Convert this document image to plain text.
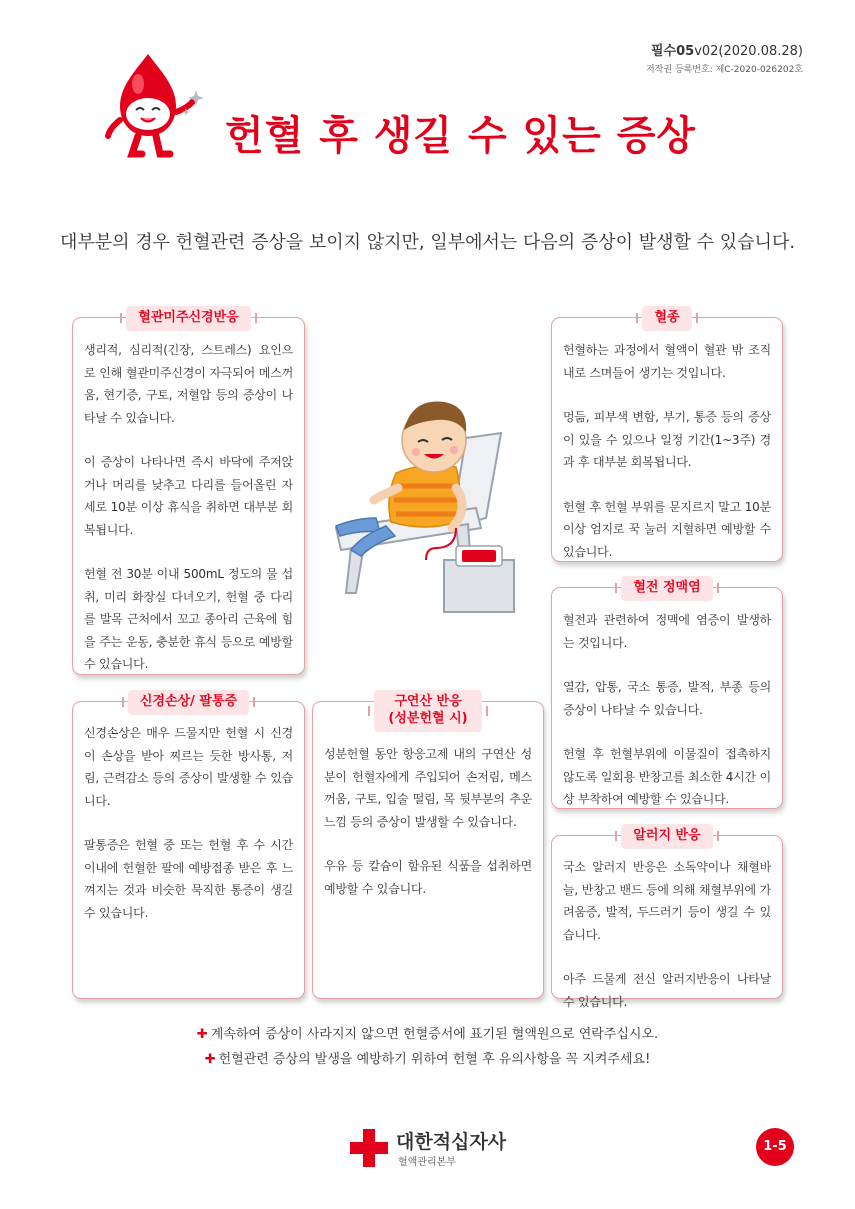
필수05v02(2020.08.28)
저작권 등록번호: 제C-2020-026202호
헌혈 후 생길 수 있는 증상
대부분의 경우 헌혈관련 증상을 보이지 않지만, 일부에서는 다음의 증상이 발생할 수 있습니다.
혈관미주신경반응

생리적, 심리적(긴장, 스트레스) 요인으로 인해 혈관미주신경이 자극되어 메스꺼움, 현기증, 구토, 저혈압 등의 증상이 나타날 수 있습니다.

이 증상이 나타나면 즉시 바닥에 주저앉거나 머리를 낮추고 다리를 들어올린 자세로 10분 이상 휴식을 취하면 대부분 회복됩니다.

헌혈 전 30분 이내 500mL 정도의 물 섭취, 미리 화장실 다녀오기, 헌혈 중 다리를 발목 근처에서 꼬고 종아리 근육에 힘을 주는 운동, 충분한 휴식 등으로 예방할 수 있습니다.

혈종

헌혈하는 과정에서 혈액이 혈관 밖 조직 내로 스며들어 생기는 것입니다.

멍듦, 피부색 변함, 부기, 통증 등의 증상이 있을 수 있으나 일정 기간(1~3주) 경과 후 대부분 회복됩니다.

헌혈 후 헌혈 부위를 문지르지 말고 10분 이상 엄지로 꾹 눌러 지혈하면 예방할 수 있습니다.

혈전 정맥염

혈전과 관련하여 정맥에 염증이 발생하는 것입니다.

열감, 압통, 국소 통증, 발적, 부종 등의 증상이 나타날 수 있습니다.

헌혈 후 헌혈부위에 이물질이 접촉하지 않도록 일회용 반창고를 최소한 4시간 이상 부착하여 예방할 수 있습니다.

신경손상/ 팔통증

신경손상은 매우 드물지만 헌혈 시 신경이 손상을 받아 찌르는 듯한 방사통, 저림, 근력감소 등의 증상이 발생할 수 있습니다.

팔통증은 헌혈 중 또는 헌혈 후 수 시간 이내에 헌혈한 팔에 예방접종 받은 후 느껴지는 것과 비슷한 묵직한 통증이 생길 수 있습니다.

구연산 반응
(성분헌혈 시)

성분헌혈 동안 항응고제 내의 구연산 성분이 헌혈자에게 주입되어 손저림, 메스꺼움, 구토, 입술 떨림, 목 뒷부분의 추운 느낌 등의 증상이 발생할 수 있습니다.

우유 등 칼슘이 함유된 식품을 섭취하면 예방할 수 있습니다.

알러지 반응

국소 알러지 반응은 소독약이나 채혈바늘, 반창고 밴드 등에 의해 채혈부위에 가려움증, 발적, 두드러기 등이 생길 수 있습니다.

아주 드물게 전신 알러지반응이 나타날 수 있습니다.

✚ 계속하여 증상이 사라지지 않으면 헌혈증서에 표기된 혈액원으로 연락주십시오.
✚ 헌혈관련 증상의 발생을 예방하기 위하여 헌혈 후 유의사항을 꼭 지켜주세요!
대한적십자사
혈액관리본부
1-5
